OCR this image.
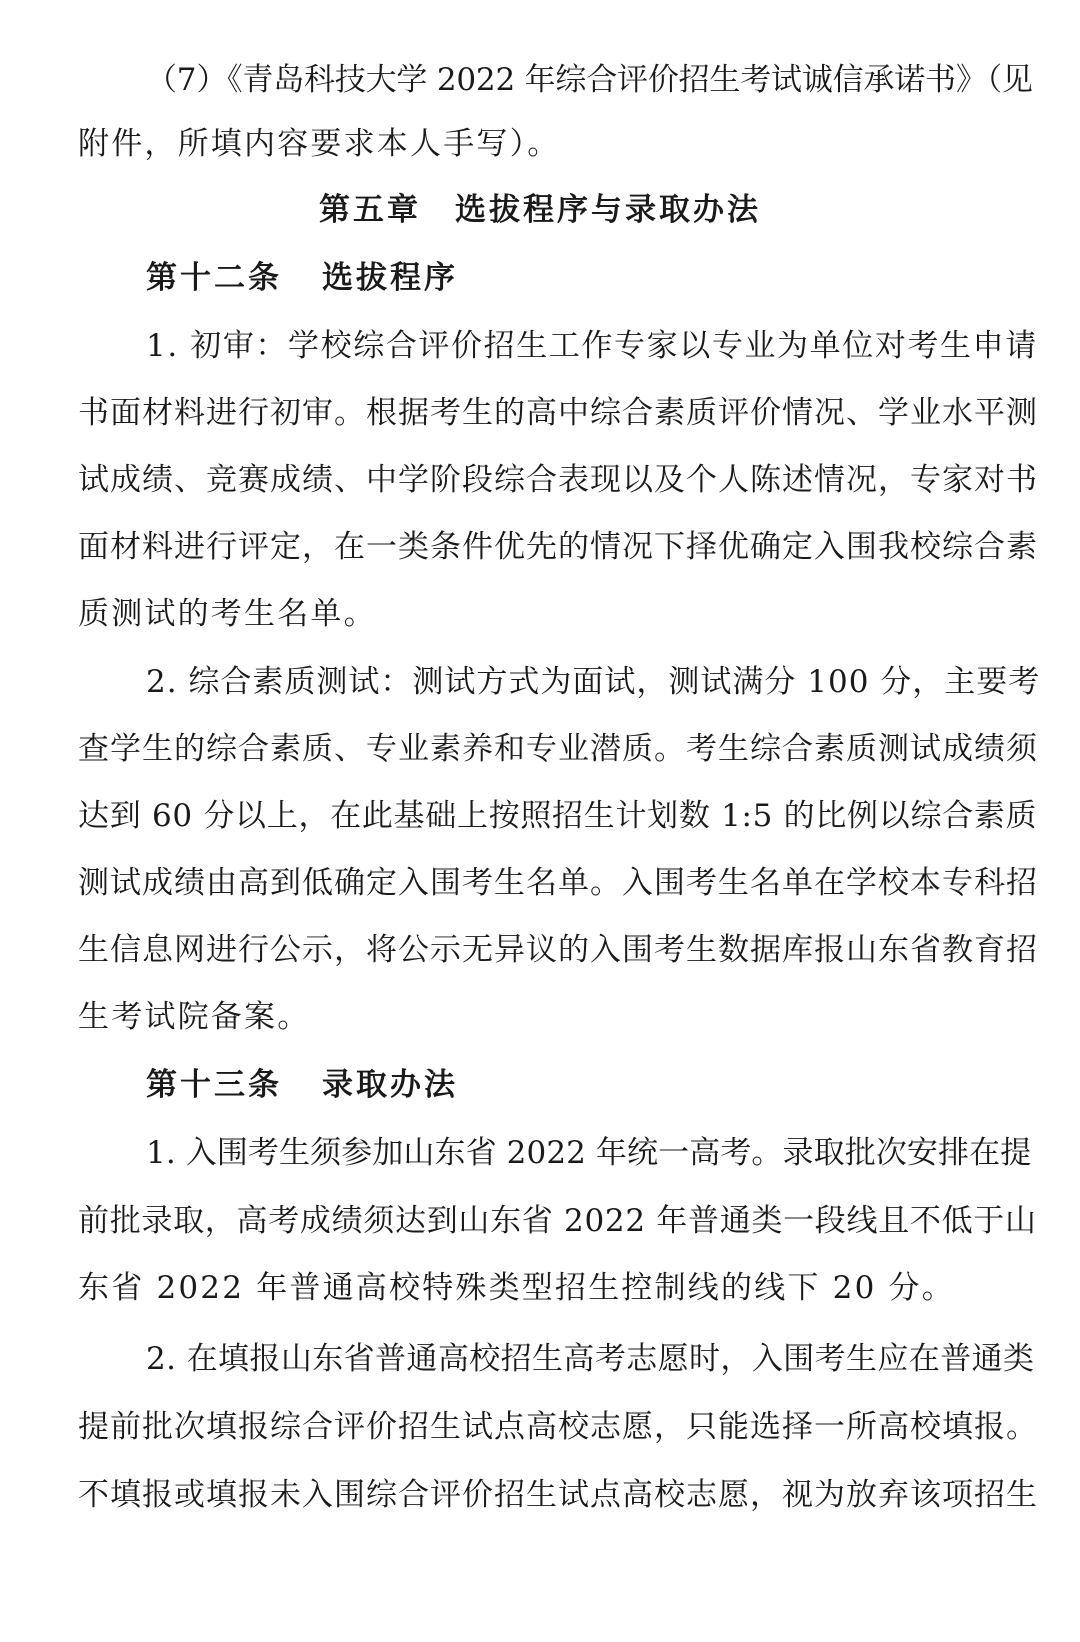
（7）《青岛科技大学 2022 年综合评价招生考试诚信承诺书》（见
附件，所填内容要求本人手写）。
第五章　选拔程序与录取办法
第十二条 选拔程序
1. 初审：学校综合评价招生工作专家以专业为单位对考生申请
书面材料进行初审。根据考生的高中综合素质评价情况、学业水平测
试成绩、竞赛成绩、中学阶段综合表现以及个人陈述情况，专家对书
面材料进行评定，在一类条件优先的情况下择优确定入围我校综合素
质测试的考生名单。
2. 综合素质测试：测试方式为面试，测试满分 100 分，主要考
查学生的综合素质、专业素养和专业潜质。考生综合素质测试成绩须
达到 60 分以上，在此基础上按照招生计划数 1:5 的比例以综合素质
测试成绩由高到低确定入围考生名单。入围考生名单在学校本专科招
生信息网进行公示，将公示无异议的入围考生数据库报山东省教育招
生考试院备案。
第十三条 录取办法
1. 入围考生须参加山东省 2022 年统一高考。录取批次安排在提
前批录取，高考成绩须达到山东省 2022 年普通类一段线且不低于山
东省 2022 年普通高校特殊类型招生控制线的线下 20 分。
2. 在填报山东省普通高校招生高考志愿时，入围考生应在普通类
提前批次填报综合评价招生试点高校志愿，只能选择一所高校填报。
不填报或填报未入围综合评价招生试点高校志愿，视为放弃该项招生
